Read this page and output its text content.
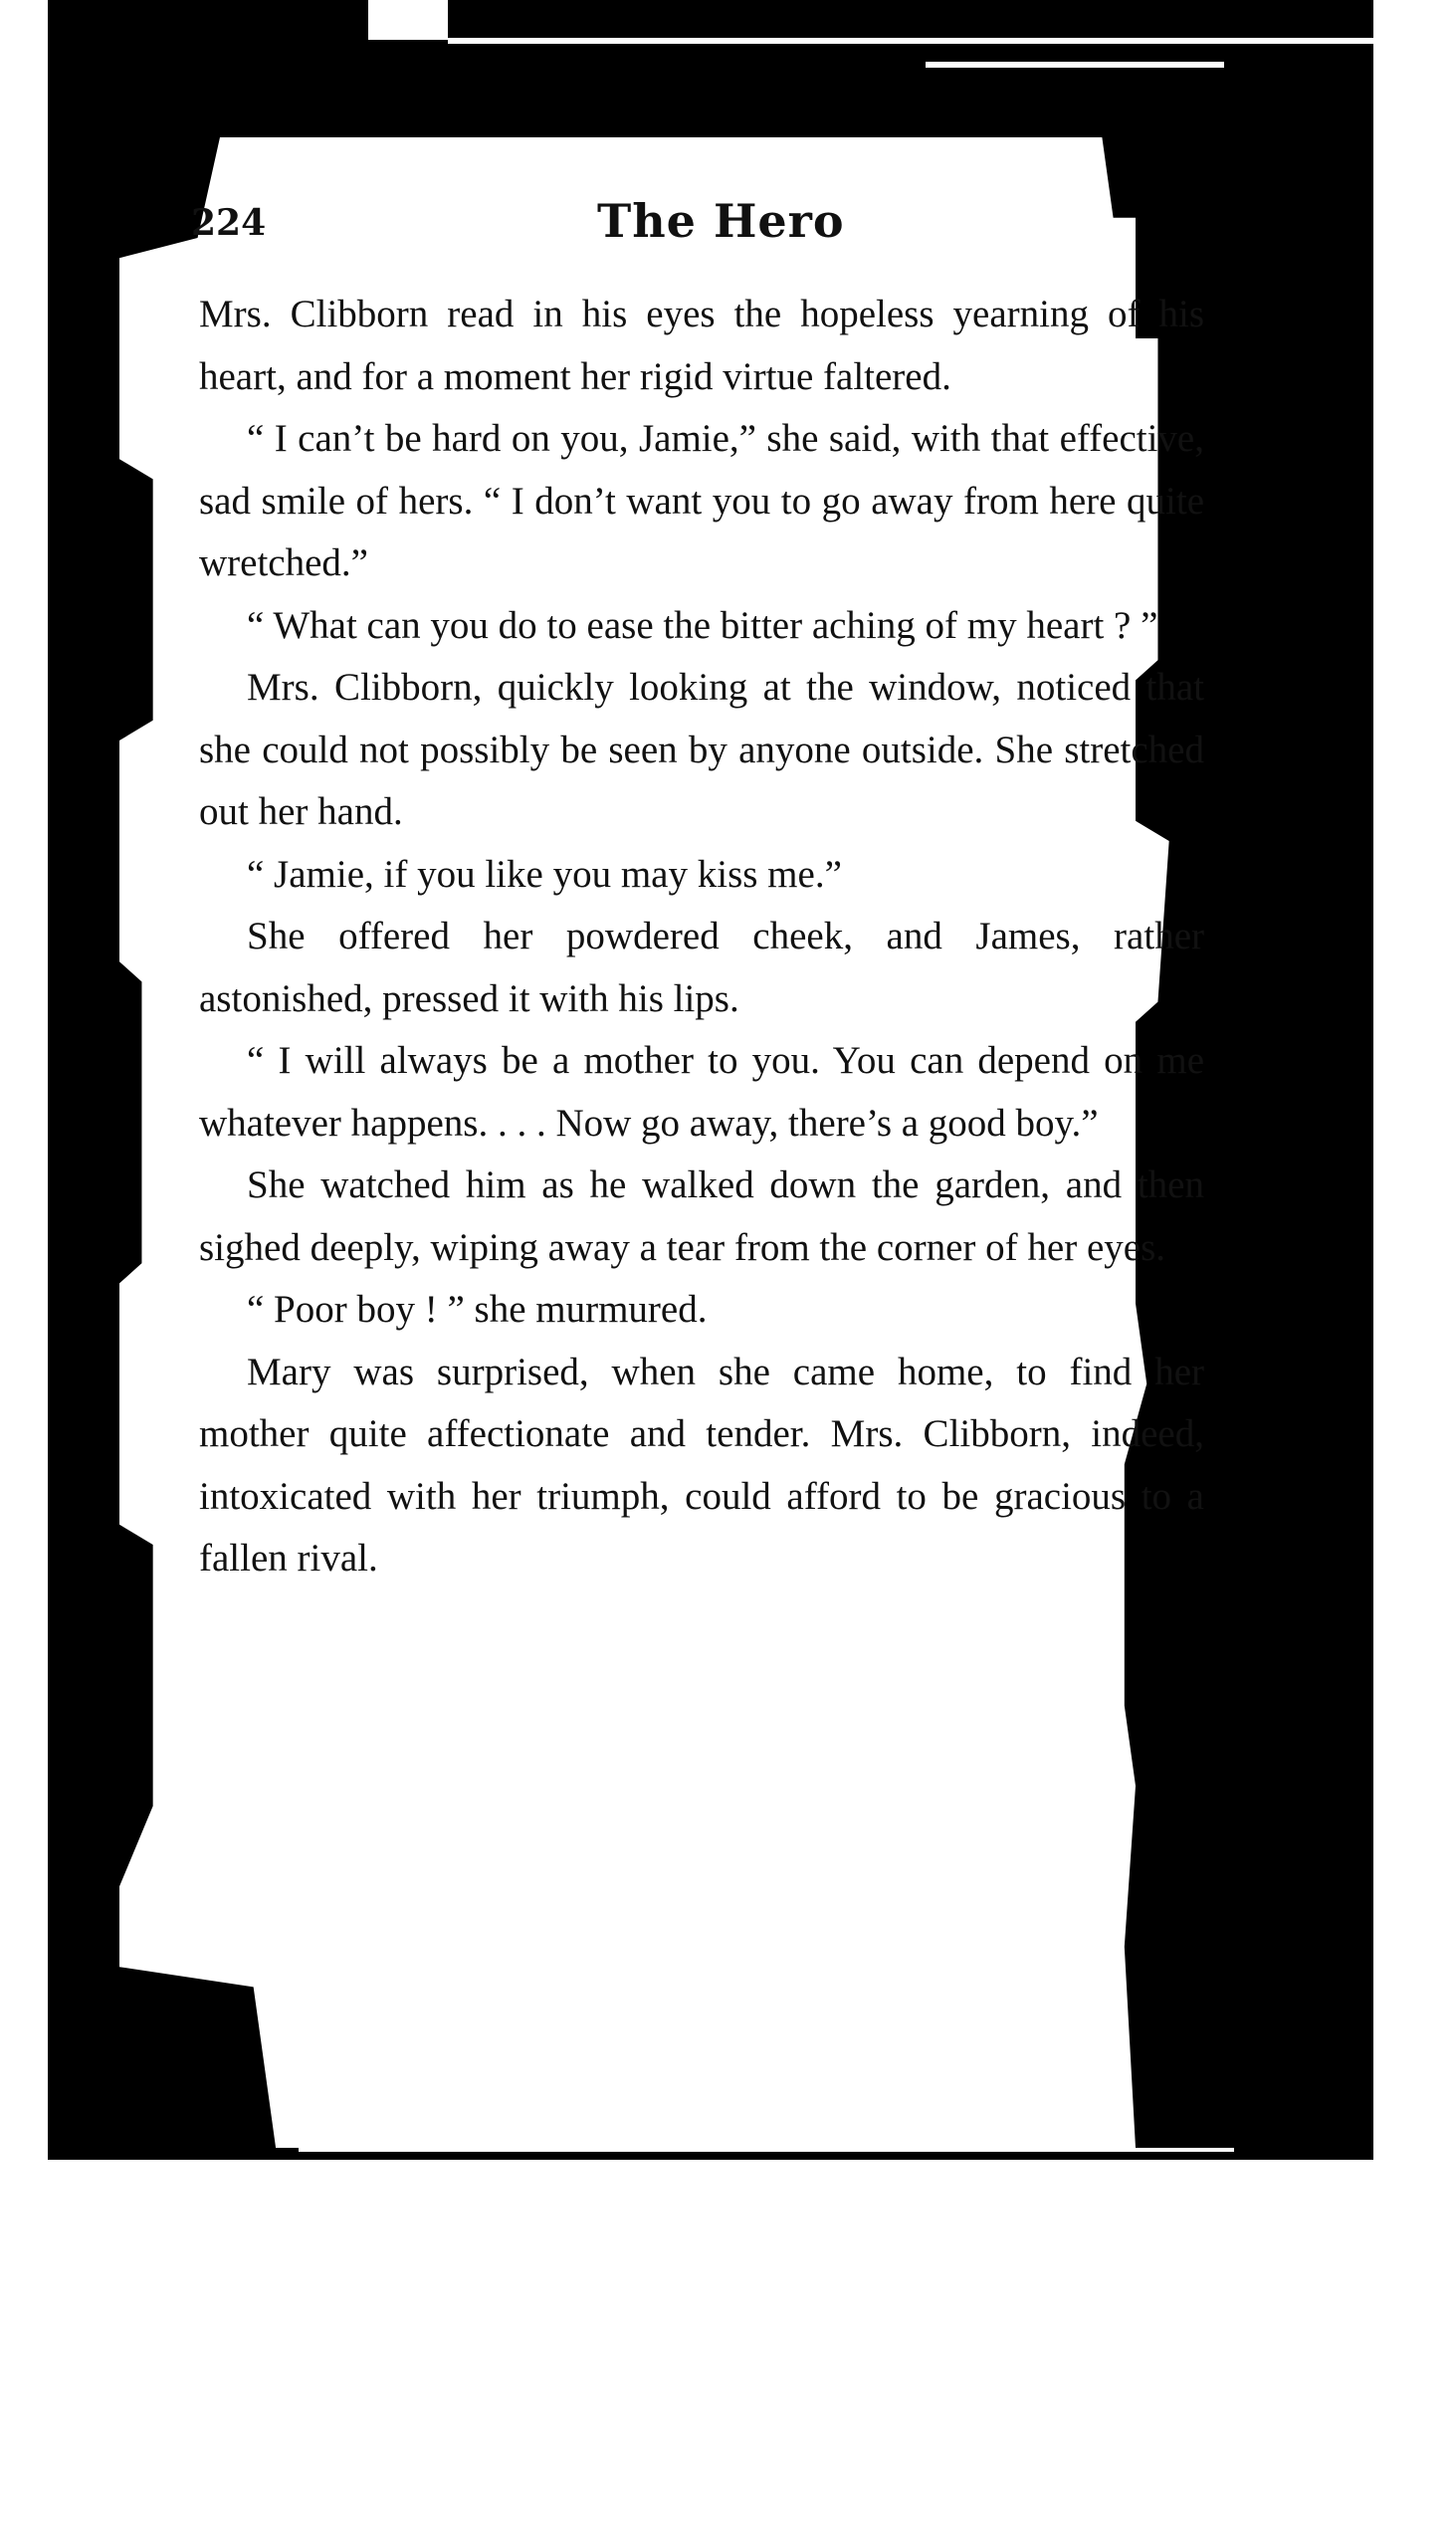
224	The Hero

Mrs. Clibborn read in his eyes the hopeless yearning of his heart, and for a moment her rigid virtue faltered.

“ I can’t be hard on you, Jamie,” she said, with that effective, sad smile of hers. “ I don’t want you to go away from here quite wretched.”

“ What can you do to ease the bitter aching of my heart ? ”

Mrs. Clibborn, quickly looking at the window, noticed that she could not possibly be seen by anyone outside. She stretched out her hand.

“ Jamie, if you like you may kiss me.”

She offered her powdered cheek, and James, rather astonished, pressed it with his lips.

“ I will always be a mother to you. You can depend on me whatever happens. . . . Now go away, there’s a good boy.”

She watched him as he walked down the garden, and then sighed deeply, wiping away a tear from the corner of her eyes.

“ Poor boy ! ” she murmured.

Mary was surprised, when she came home, to find her mother quite affectionate and tender. Mrs. Clibborn, indeed, intoxicated with her triumph, could afford to be gracious to a fallen rival.
